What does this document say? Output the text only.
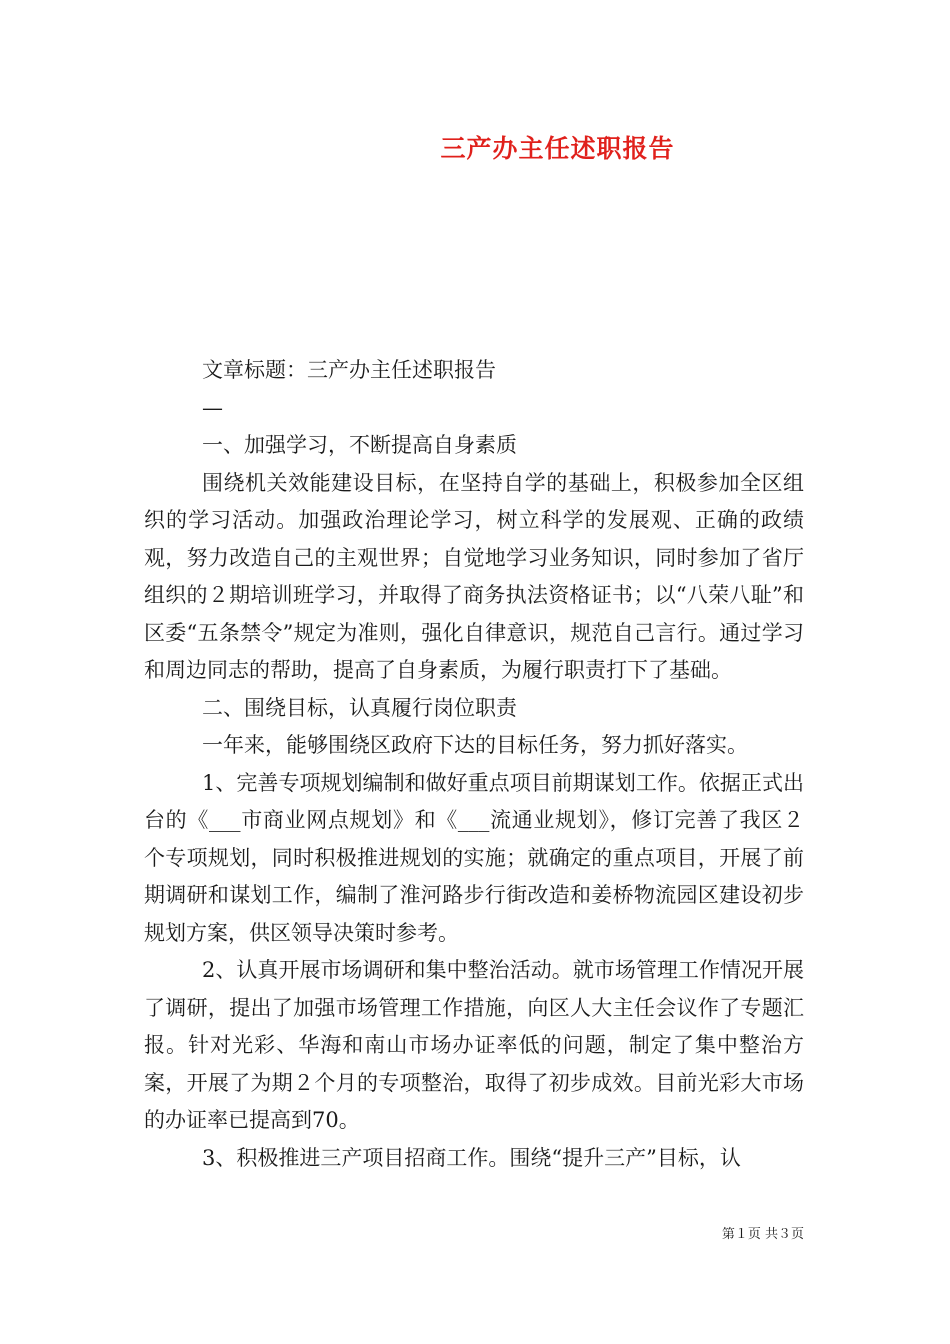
三产办主任述职报告

文章标题：三产办主任述职报告

—

一、加强学习，不断提高自身素质

围绕机关效能建设目标，在坚持自学的基础上，积极参加全区组织的学习活动。加强政治理论学习，树立科学的发展观、正确的政绩观，努力改造自己的主观世界；自觉地学习业务知识，同时参加了省厅组织的２期培训班学习，并取得了商务执法资格证书；以“八荣八耻”和区委“五条禁令”规定为准则，强化自律意识，规范自己言行。通过学习和周边同志的帮助，提高了自身素质，为履行职责打下了基础。

二、围绕目标，认真履行岗位职责

一年来，能够围绕区政府下达的目标任务，努力抓好落实。

1、完善专项规划编制和做好重点项目前期谋划工作。依据正式出台的《___市商业网点规划》和《___流通业规划》，修订完善了我区２个专项规划，同时积极推进规划的实施；就确定的重点项目，开展了前期调研和谋划工作，编制了淮河路步行街改造和姜桥物流园区建设初步规划方案，供区领导决策时参考。

2、认真开展市场调研和集中整治活动。就市场管理工作情况开展了调研，提出了加强市场管理工作措施，向区人大主任会议作了专题汇报。针对光彩、华海和南山市场办证率低的问题，制定了集中整治方案，开展了为期２个月的专项整治，取得了初步成效。目前光彩大市场的办证率已提高到70。

3、积极推进三产项目招商工作。围绕“提升三产”目标，认

第１页 共３页
